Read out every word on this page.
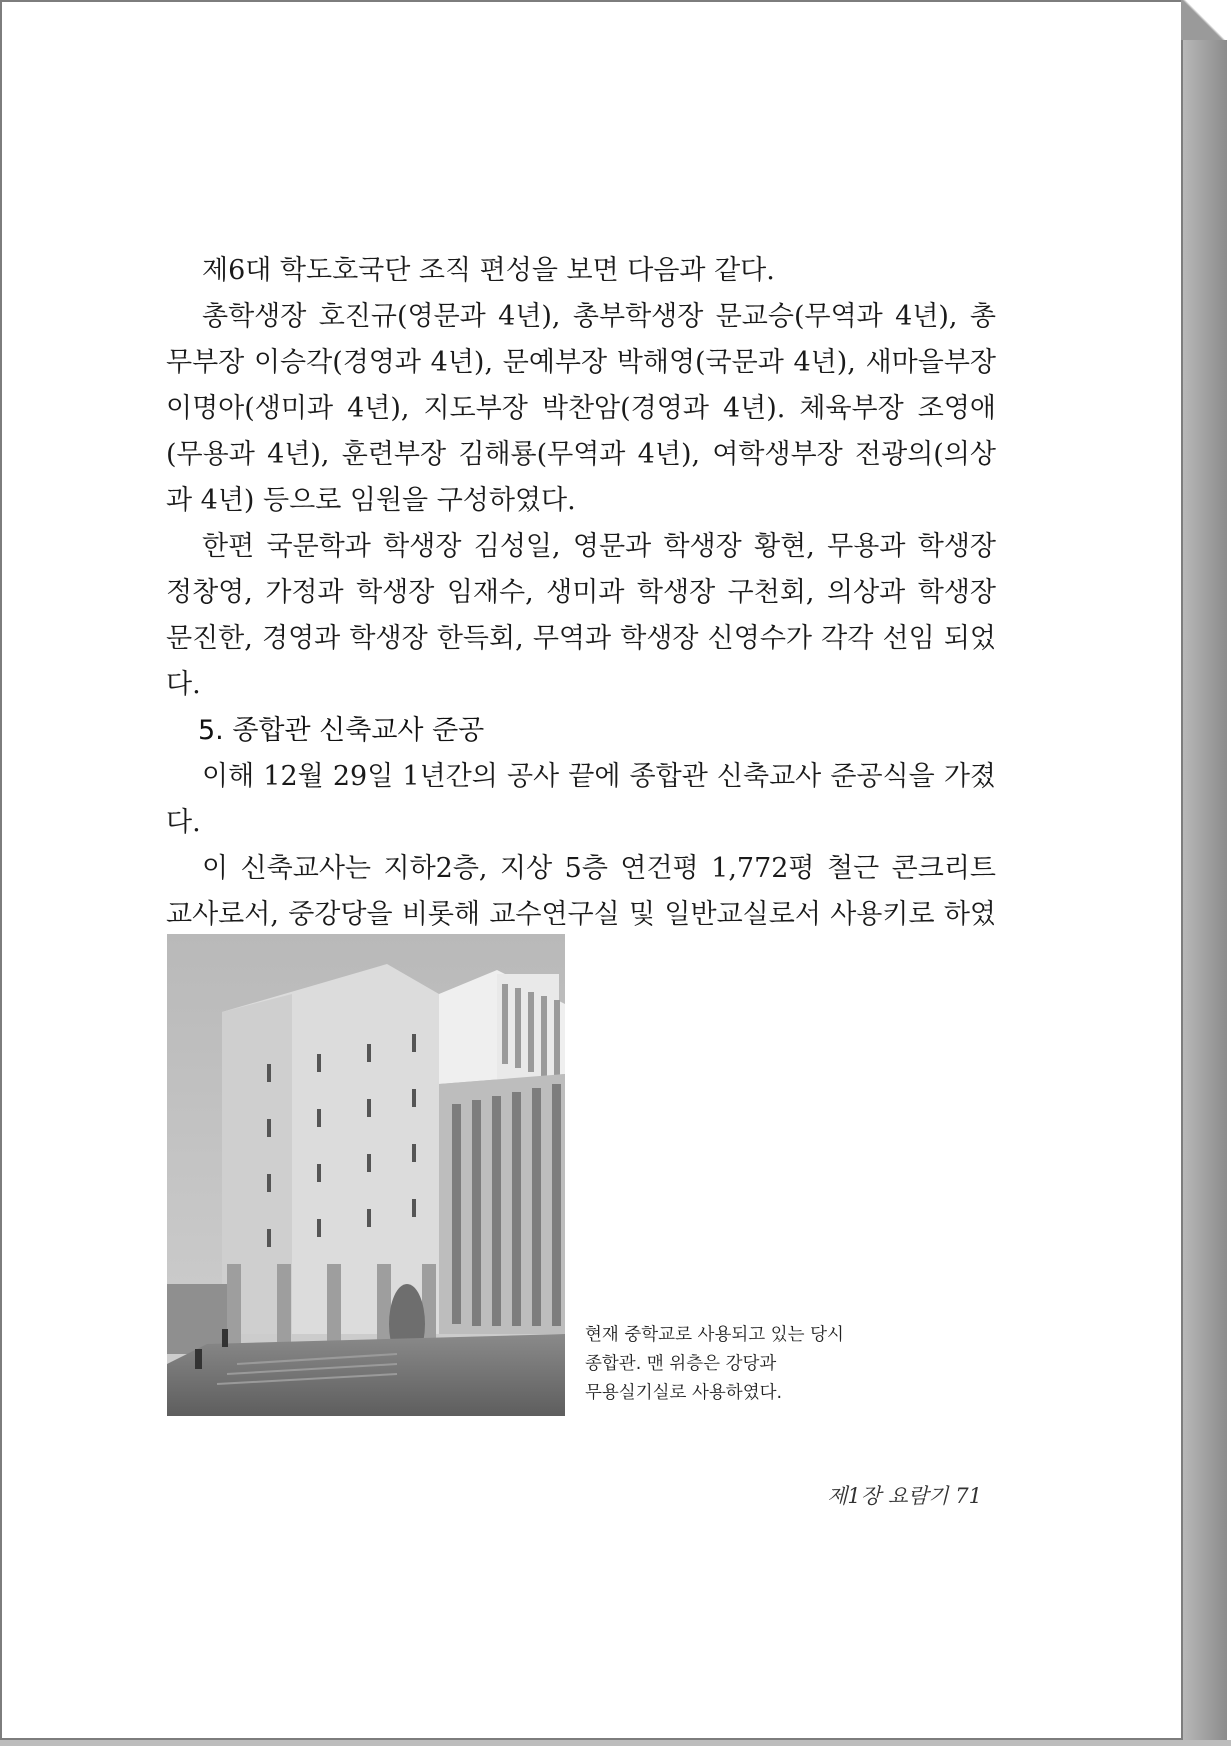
제6대 학도호국단 조직 편성을 보면 다음과 같다.

총학생장 호진규(영문과 4년), 총부학생장 문교승(무역과 4년), 총무부장 이승각(경영과 4년), 문예부장 박해영(국문과 4년), 새마을부장 이명아(생미과 4년), 지도부장 박찬암(경영과 4년). 체육부장 조영애(무용과 4년), 훈련부장 김해룡(무역과 4년), 여학생부장 전광의(의상과 4년) 등으로 임원을 구성하였다.

한편 국문학과 학생장 김성일, 영문과 학생장 황현, 무용과 학생장 정창영, 가정과 학생장 임재수, 생미과 학생장 구천회, 의상과 학생장 문진한, 경영과 학생장 한득회, 무역과 학생장 신영수가 각각 선임 되었다.

5. 종합관 신축교사 준공

이해 12월 29일 1년간의 공사 끝에 종합관 신축교사 준공식을 가졌다.

이 신축교사는 지하2층, 지상 5층 연건평 1,772평 철근 콘크리트 교사로서, 중강당을 비롯해 교수연구실 및 일반교실로서 사용키로 하였

현재 중학교로 사용되고 있는 당시
종합관. 맨 위층은 강당과
무용실기실로 사용하였다.
제1장 요람기 71
